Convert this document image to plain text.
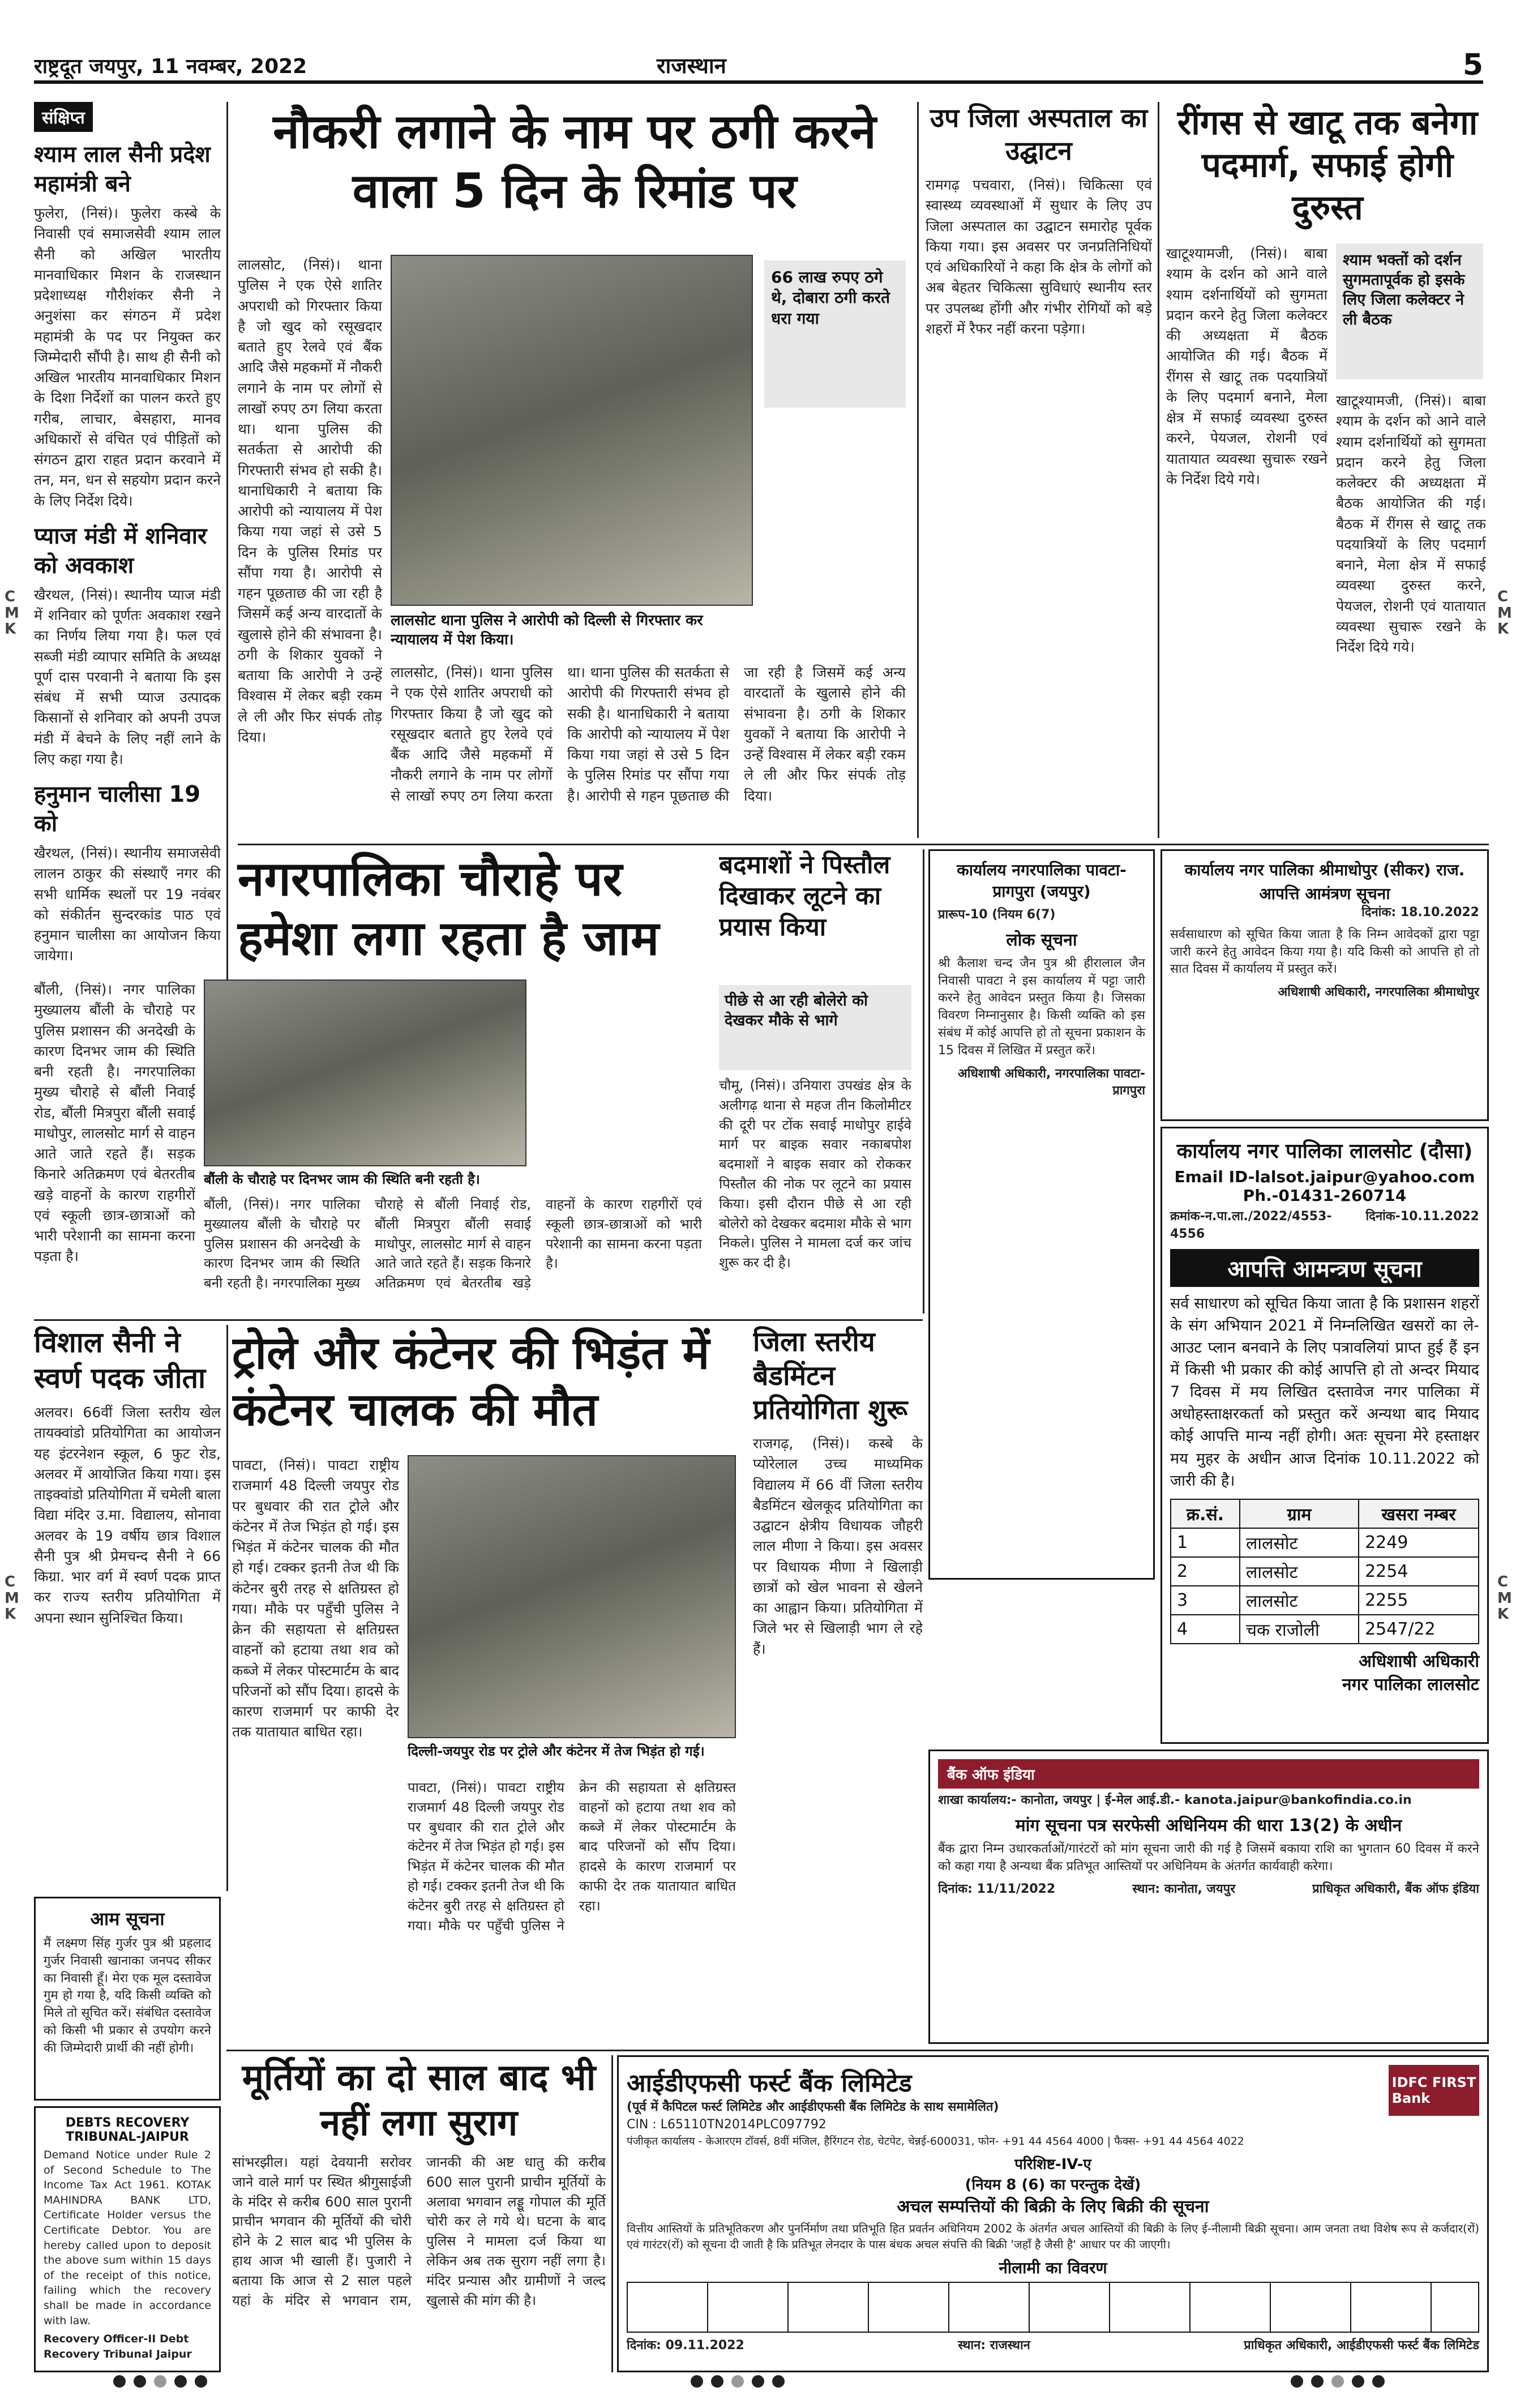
राष्ट्रदूत जयपुर, 11 नवम्बर, 2022	राजस्थान	5
C
M
K
C
M
K
C
M
K
C
M
K
संक्षिप्त
श्याम लाल सैनी प्रदेश महामंत्री बने
फुलेरा, (निसं)। फुलेरा कस्बे के निवासी एवं समाजसेवी श्याम लाल सैनी को अखिल भारतीय मानवाधिकार मिशन के राजस्थान प्रदेशाध्यक्ष गौरीशंकर सैनी ने अनुशंसा कर संगठन में प्रदेश महामंत्री के पद पर नियुक्त कर जिम्मेदारी सौंपी है। साथ ही सैनी को अखिल भारतीय मानवाधिकार मिशन के दिशा निर्देशों का पालन करते हुए गरीब, लाचार, बेसहारा, मानव अधिकारों से वंचित एवं पीड़ितों को संगठन द्वारा राहत प्रदान करवाने में तन, मन, धन से सहयोग प्रदान करने के लिए निर्देश दिये।
प्याज मंडी में शनिवार को अवकाश
खैरथल, (निसं)। स्थानीय प्याज मंडी में शनिवार को पूर्णतः अवकाश रखने का निर्णय लिया गया है। फल एवं सब्जी मंडी व्यापार समिति के अध्यक्ष पूर्ण दास परवानी ने बताया कि इस संबंध में सभी प्याज उत्पादक किसानों से शनिवार को अपनी उपज मंडी में बेचने के लिए नहीं लाने के लिए कहा गया है।
हनुमान चालीसा 19 को
खैरथल, (निसं)। स्थानीय समाजसेवी लालन ठाकुर की संस्थाएँ नगर की सभी धार्मिक स्थलों पर 19 नवंबर को संकीर्तन सुन्दरकांड पाठ एवं हनुमान चालीसा का आयोजन किया जायेगा।
नौकरी लगाने के नाम पर ठगी करने वाला 5 दिन के रिमांड पर
66 लाख रुपए ठगे थे, दोबारा ठगी करते धरा गया
लालसोट थाना पुलिस ने आरोपी को दिल्ली से गिरफ्तार कर न्यायालय में पेश किया।
लालसोट, (निसं)। थाना पुलिस ने एक ऐसे शातिर अपराधी को गिरफ्तार किया है जो खुद को रसूखदार बताते हुए रेलवे एवं बैंक आदि जैसे महकमों में नौकरी लगाने के नाम पर लोगों से लाखों रुपए ठग लिया करता था। थाना पुलिस की सतर्कता से आरोपी की गिरफ्तारी संभव हो सकी है। थानाधिकारी ने बताया कि आरोपी को न्यायालय में पेश किया गया जहां से उसे 5 दिन के पुलिस रिमांड पर सौंपा गया है। आरोपी से गहन पूछताछ की जा रही है जिसमें कई अन्य वारदातों के खुलासे होने की संभावना है। ठगी के शिकार युवकों ने बताया कि आरोपी ने उन्हें विश्वास में लेकर बड़ी रकम ले ली और फिर संपर्क तोड़ दिया।
लालसोट, (निसं)। थाना पुलिस ने एक ऐसे शातिर अपराधी को गिरफ्तार किया है जो खुद को रसूखदार बताते हुए रेलवे एवं बैंक आदि जैसे महकमों में नौकरी लगाने के नाम पर लोगों से लाखों रुपए ठग लिया करता था। थाना पुलिस की सतर्कता से आरोपी की गिरफ्तारी संभव हो सकी है। थानाधिकारी ने बताया कि आरोपी को न्यायालय में पेश किया गया जहां से उसे 5 दिन के पुलिस रिमांड पर सौंपा गया है। आरोपी से गहन पूछताछ की जा रही है जिसमें कई अन्य वारदातों के खुलासे होने की संभावना है। ठगी के शिकार युवकों ने बताया कि आरोपी ने उन्हें विश्वास में लेकर बड़ी रकम ले ली और फिर संपर्क तोड़ दिया।
उप जिला अस्पताल का उद्घाटन
रामगढ़ पचवारा, (निसं)। चिकित्सा एवं स्वास्थ्य व्यवस्थाओं में सुधार के लिए उप जिला अस्पताल का उद्घाटन समारोह पूर्वक किया गया। इस अवसर पर जनप्रतिनिधियों एवं अधिकारियों ने कहा कि क्षेत्र के लोगों को अब बेहतर चिकित्सा सुविधाएं स्थानीय स्तर पर उपलब्ध होंगी और गंभीर रोगियों को बड़े शहरों में रैफर नहीं करना पड़ेगा।
रींगस से खाटू तक बनेगा पदमार्ग, सफाई होगी दुरुस्त
श्याम भक्तों को दर्शन सुगमतापूर्वक हो इसके लिए जिला कलेक्टर ने ली बैठक
खाटूश्यामजी, (निसं)। बाबा श्याम के दर्शन को आने वाले श्याम दर्शनार्थियों को सुगमता प्रदान करने हेतु जिला कलेक्टर की अध्यक्षता में बैठक आयोजित की गई। बैठक में रींगस से खाटू तक पदयात्रियों के लिए पदमार्ग बनाने, मेला क्षेत्र में सफाई व्यवस्था दुरुस्त करने, पेयजल, रोशनी एवं यातायात व्यवस्था सुचारू रखने के निर्देश दिये गये।
खाटूश्यामजी, (निसं)। बाबा श्याम के दर्शन को आने वाले श्याम दर्शनार्थियों को सुगमता प्रदान करने हेतु जिला कलेक्टर की अध्यक्षता में बैठक आयोजित की गई। बैठक में रींगस से खाटू तक पदयात्रियों के लिए पदमार्ग बनाने, मेला क्षेत्र में सफाई व्यवस्था दुरुस्त करने, पेयजल, रोशनी एवं यातायात व्यवस्था सुचारू रखने के निर्देश दिये गये।
नगरपालिका चौराहे पर हमेशा लगा रहता है जाम
बौंली के चौराहे पर दिनभर जाम की स्थिति बनी रहती है।
बौंली, (निसं)। नगर पालिका मुख्यालय बौंली के चौराहे पर पुलिस प्रशासन की अनदेखी के कारण दिनभर जाम की स्थिति बनी रहती है। नगरपालिका मुख्य चौराहे से बौंली निवाई रोड, बौंली मित्रपुरा बौंली सवाई माधोपुर, लालसोट मार्ग से वाहन आते जाते रहते हैं। सड़क किनारे अतिक्रमण एवं बेतरतीब खड़े वाहनों के कारण राहगीरों एवं स्कूली छात्र-छात्राओं को भारी परेशानी का सामना करना पड़ता है।
बौंली, (निसं)। नगर पालिका मुख्यालय बौंली के चौराहे पर पुलिस प्रशासन की अनदेखी के कारण दिनभर जाम की स्थिति बनी रहती है। नगरपालिका मुख्य चौराहे से बौंली निवाई रोड, बौंली मित्रपुरा बौंली सवाई माधोपुर, लालसोट मार्ग से वाहन आते जाते रहते हैं। सड़क किनारे अतिक्रमण एवं बेतरतीब खड़े वाहनों के कारण राहगीरों एवं स्कूली छात्र-छात्राओं को भारी परेशानी का सामना करना पड़ता है।
बदमाशों ने पिस्तौल दिखाकर लूटने का प्रयास किया
पीछे से आ रही बोलेरो को देखकर मौके से भागे
चौमू, (निसं)। उनियारा उपखंड क्षेत्र के अलीगढ़ थाना से महज तीन किलोमीटर की दूरी पर टोंक सवाई माधोपुर हाईवे मार्ग पर बाइक सवार नकाबपोश बदमाशों ने बाइक सवार को रोककर पिस्तौल की नोक पर लूटने का प्रयास किया। इसी दौरान पीछे से आ रही बोलेरो को देखकर बदमाश मौके से भाग निकले। पुलिस ने मामला दर्ज कर जांच शुरू कर दी है।
कार्यालय नगरपालिका पावटा-प्रागपुरा (जयपुर)
प्रारूप-10 (नियम 6(7)
लोक सूचना
श्री कैलाश चन्द जैन पुत्र श्री हीरालाल जैन निवासी पावटा ने इस कार्यालय में पट्टा जारी करने हेतु आवेदन प्रस्तुत किया है। जिसका विवरण निम्नानुसार है। किसी व्यक्ति को इस संबंध में कोई आपत्ति हो तो सूचना प्रकाशन के 15 दिवस में लिखित में प्रस्तुत करें।
अधिशाषी अधिकारी, नगरपालिका पावटा-प्रागपुरा
कार्यालय नगर पालिका श्रीमाधोपुर (सीकर) राज.
आपत्ति आमंत्रण सूचना
दिनांक: 18.10.2022
सर्वसाधारण को सूचित किया जाता है कि निम्न आवेदकों द्वारा पट्टा जारी करने हेतु आवेदन किया गया है। यदि किसी को आपत्ति हो तो सात दिवस में कार्यालय में प्रस्तुत करें।
अधिशाषी अधिकारी, नगरपालिका श्रीमाधोपुर
कार्यालय नगर पालिका लालसोट (दौसा)
Email ID-lalsot.jaipur@yahoo.com
Ph.-01431-260714
क्रमांक-न.पा.ला./2022/4553-4556
दिनांक-10.11.2022
आपत्ति आमन्त्रण सूचना
सर्व साधारण को सूचित किया जाता है कि प्रशासन शहरों के संग अभियान 2021 में निम्नलिखित खसरों का ले-आउट प्लान बनवाने के लिए पत्रावलियां प्राप्त हुई हैं इन में किसी भी प्रकार की कोई आपत्ति हो तो अन्दर मियाद 7 दिवस में मय लिखित दस्तावेज नगर पालिका में अधोहस्ताक्षरकर्ता को प्रस्तुत करें अन्यथा बाद मियाद कोई आपत्ति मान्य नहीं होगी। अतः सूचना मेरे हस्ताक्षर मय मुहर के अधीन आज दिनांक 10.11.2022 को जारी की है।
क्र.सं.	ग्राम	खसरा नम्बर
1	लालसोट	2249
2	लालसोट	2254
3	लालसोट	2255
4	चक राजोली	2547/22
अधिशाषी अधिकारी
नगर पालिका लालसोट
विशाल सैनी ने स्वर्ण पदक जीता
अलवर। 66वीं जिला स्तरीय खेल तायक्वांडो प्रतियोगिता का आयोजन यह इंटरनेशन स्कूल, 6 फुट रोड, अलवर में आयोजित किया गया। इस ताइक्वांडो प्रतियोगिता में चमेली बाला विद्या मंदिर उ.मा. विद्यालय, सोनावा अलवर के 19 वर्षीय छात्र विशाल सैनी पुत्र श्री प्रेमचन्द सैनी ने 66 किग्रा. भार वर्ग में स्वर्ण पदक प्राप्त कर राज्य स्तरीय प्रतियोगिता में अपना स्थान सुनिश्चित किया।
ट्रोले और कंटेनर की भिड़ंत में कंटेनर चालक की मौत
दिल्ली-जयपुर रोड पर ट्रोले और कंटेनर में तेज भिड़ंत हो गई।
पावटा, (निसं)। पावटा राष्ट्रीय राजमार्ग 48 दिल्ली जयपुर रोड पर बुधवार की रात ट्रोले और कंटेनर में तेज भिड़ंत हो गई। इस भिड़ंत में कंटेनर चालक की मौत हो गई। टक्कर इतनी तेज थी कि कंटेनर बुरी तरह से क्षतिग्रस्त हो गया। मौके पर पहुँची पुलिस ने क्रेन की सहायता से क्षतिग्रस्त वाहनों को हटाया तथा शव को कब्जे में लेकर पोस्टमार्टम के बाद परिजनों को सौंप दिया। हादसे के कारण राजमार्ग पर काफी देर तक यातायात बाधित रहा।
पावटा, (निसं)। पावटा राष्ट्रीय राजमार्ग 48 दिल्ली जयपुर रोड पर बुधवार की रात ट्रोले और कंटेनर में तेज भिड़ंत हो गई। इस भिड़ंत में कंटेनर चालक की मौत हो गई। टक्कर इतनी तेज थी कि कंटेनर बुरी तरह से क्षतिग्रस्त हो गया। मौके पर पहुँची पुलिस ने क्रेन की सहायता से क्षतिग्रस्त वाहनों को हटाया तथा शव को कब्जे में लेकर पोस्टमार्टम के बाद परिजनों को सौंप दिया। हादसे के कारण राजमार्ग पर काफी देर तक यातायात बाधित रहा।
जिला स्तरीय बैडमिंटन प्रतियोगिता शुरू
राजगढ़, (निसं)। कस्बे के प्योरेलाल उच्च माध्यमिक विद्यालय में 66 वीं जिला स्तरीय बैडमिंटन खेलकूद प्रतियोगिता का उद्घाटन क्षेत्रीय विधायक जौहरी लाल मीणा ने किया। इस अवसर पर विधायक मीणा ने खिलाड़ी छात्रों को खेल भावना से खेलने का आह्वान किया। प्रतियोगिता में जिले भर से खिलाड़ी भाग ले रहे हैं।
आम सूचना
मैं लक्ष्मण सिंह गुर्जर पुत्र श्री प्रहलाद गुर्जर निवासी खानाका जनपद सीकर का निवासी हूँ। मेरा एक मूल दस्तावेज गुम हो गया है, यदि किसी व्यक्ति को मिले तो सूचित करें। संबंधित दस्तावेज को किसी भी प्रकार से उपयोग करने की जिम्मेदारी प्रार्थी की नहीं होगी।
बैंक ऑफ इंडिया
शाखा कार्यालय:- कानोता, जयपुर | ई-मेल आई.डी.- kanota.jaipur@bankofindia.co.in
मांग सूचना पत्र सरफेसी अधिनियम की धारा 13(2) के अधीन
बैंक द्वारा निम्न उधारकर्ताओं/गारंटरों को मांग सूचना जारी की गई है जिसमें बकाया राशि का भुगतान 60 दिवस में करने को कहा गया है अन्यथा बैंक प्रतिभूत आस्तियों पर अधिनियम के अंतर्गत कार्यवाही करेगा।
दिनांक: 11/11/2022	स्थान: कानोता, जयपुर	प्राधिकृत अधिकारी, बैंक ऑफ इंडिया
DEBTS RECOVERY TRIBUNAL-JAIPUR
Demand Notice under Rule 2 of Second Schedule to The Income Tax Act 1961. KOTAK MAHINDRA BANK LTD, Certificate Holder versus the Certificate Debtor. You are hereby called upon to deposit the above sum within 15 days of the receipt of this notice, failing which the recovery shall be made in accordance with law.
Recovery Officer-II Debt Recovery Tribunal Jaipur
मूर्तियों का दो साल बाद भी नहीं लगा सुराग
सांभरझील। यहां देवयानी सरोवर जाने वाले मार्ग पर स्थित श्रीगुसाईजी के मंदिर से करीब 600 साल पुरानी प्राचीन भगवान की मूर्तियों की चोरी होने के 2 साल बाद भी पुलिस के हाथ आज भी खाली हैं। पुजारी ने बताया कि आज से 2 साल पहले यहां के मंदिर से भगवान राम, जानकी की अष्ट धातु की करीब 600 साल पुरानी प्राचीन मूर्तियों के अलावा भगवान लड्डू गोपाल की मूर्ति चोरी कर ले गये थे। घटना के बाद पुलिस ने मामला दर्ज किया था लेकिन अब तक सुराग नहीं लगा है। मंदिर प्रन्यास और ग्रामीणों ने जल्द खुलासे की मांग की है।
आईडीएफसी फर्स्ट बैंक लिमिटेड
(पूर्व में कैपिटल फर्स्ट लिमिटेड और आईडीएफसी बैंक लिमिटेड के साथ समामेलित)
CIN : L65110TN2014PLC097792
पंजीकृत कार्यालय - केआरएम टॉवर्स, 8वीं मंजिल, हैरिंगटन रोड, चेटपेट, चेन्नई-600031, फोन- +91 44 4564 4000 | फैक्स- +91 44 4564 4022
IDFC FIRST
Bank
परिशिष्ट-IV-ए
(नियम 8 (6) का परन्तुक देखें)
अचल सम्पत्तियों की बिक्री के लिए बिक्री की सूचना
वित्तीय आस्तियों के प्रतिभूतिकरण और पुनर्निर्माण तथा प्रतिभूति हित प्रवर्तन अधिनियम 2002 के अंतर्गत अचल आस्तियों की बिक्री के लिए ई-नीलामी बिक्री सूचना। आम जनता तथा विशेष रूप से कर्जदार(रों) एवं गारंटर(रों) को सूचना दी जाती है कि प्रतिभूत लेनदार के पास बंधक अचल संपत्ति की बिक्री 'जहाँ है जैसी है' आधार पर की जाएगी।
नीलामी का विवरण
दिनांक: 09.11.2022	स्थान: राजस्थान	प्राधिकृत अधिकारी, आईडीएफसी फर्स्ट बैंक लिमिटेड
